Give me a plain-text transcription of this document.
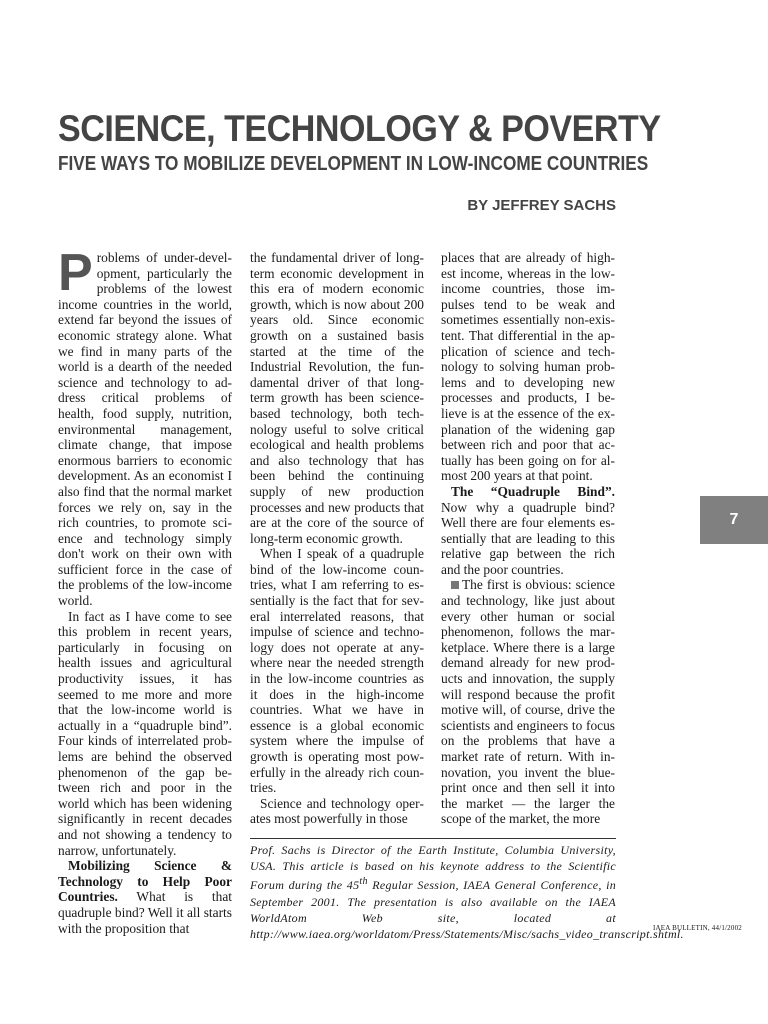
SCIENCE, TECHNOLOGY & POVERTY
FIVE WAYS TO MOBILIZE DEVELOPMENT IN LOW-INCOME COUNTRIES
BY JEFFREY SACHS

Problems of under-development, particularly the problems of the lowest income countries in the world, extend far beyond the issues of economic strategy alone. What we find in many parts of the world is a dearth of the needed science and technology to address critical problems of health, food supply, nutrition, environmental management, climate change, that impose enormous barriers to economic development. As an economist I also find that the normal market forces we rely on, say in the rich countries, to promote science and technology simply don't work on their own with sufficient force in the case of the problems of the low-income world.

In fact as I have come to see this problem in recent years, particularly in focusing on health issues and agricultural productivity issues, it has seemed to me more and more that the low-income world is actually in a “quadruple bind”. Four kinds of interrelated problems are behind the observed phenomenon of the gap between rich and poor in the world which has been widening significantly in recent decades and not showing a tendency to narrow, unfortunately.

Mobilizing Science & Technology to Help Poor Countries. What is that quadruple bind? Well it all starts with the proposition that

the fundamental driver of long-term economic development in this era of modern economic growth, which is now about 200 years old. Since economic growth on a sustained basis started at the time of the Industrial Revolution, the fundamental driver of that long-term growth has been science-based technology, both technology useful to solve critical ecological and health problems and also technology that has been behind the continuing supply of new production processes and new products that are at the core of the source of long-term economic growth.

When I speak of a quadruple bind of the low-income countries, what I am referring to essentially is the fact that for several interrelated reasons, that impulse of science and technology does not operate at anywhere near the needed strength in the low-income countries as it does in the high-income countries. What we have in essence is a global economic system where the impulse of growth is operating most powerfully in the already rich countries.

Science and technology operates most powerfully in those

places that are already of highest income, whereas in the low-income countries, those impulses tend to be weak and sometimes essentially non-existent. That differential in the application of science and technology to solving human problems and to developing new processes and products, I believe is at the essence of the explanation of the widening gap between rich and poor that actually has been going on for almost 200 years at that point.

The “Quadruple Bind”. Now why a quadruple bind? Well there are four elements essentially that are leading to this relative gap between the rich and the poor countries.

The first is obvious: science and technology, like just about every other human or social phenomenon, follows the marketplace. Where there is a large demand already for new products and innovation, the supply will respond because the profit motive will, of course, drive the scientists and engineers to focus on the problems that have a market rate of return. With innovation, you invent the blueprint once and then sell it into the market — the larger the scope of the market, the more

Prof. Sachs is Director of the Earth Institute, Columbia University, USA. This article is based on his keynote address to the Scientific Forum during the 45th Regular Session, IAEA General Conference, in September 2001. The presentation is also available on the IAEA WorldAtom Web site, located at http://www.iaea.org/worldatom/Press/Statements/Misc/sachs_video_transcript.shtml.
7
IAEA BULLETIN, 44/1/2002
